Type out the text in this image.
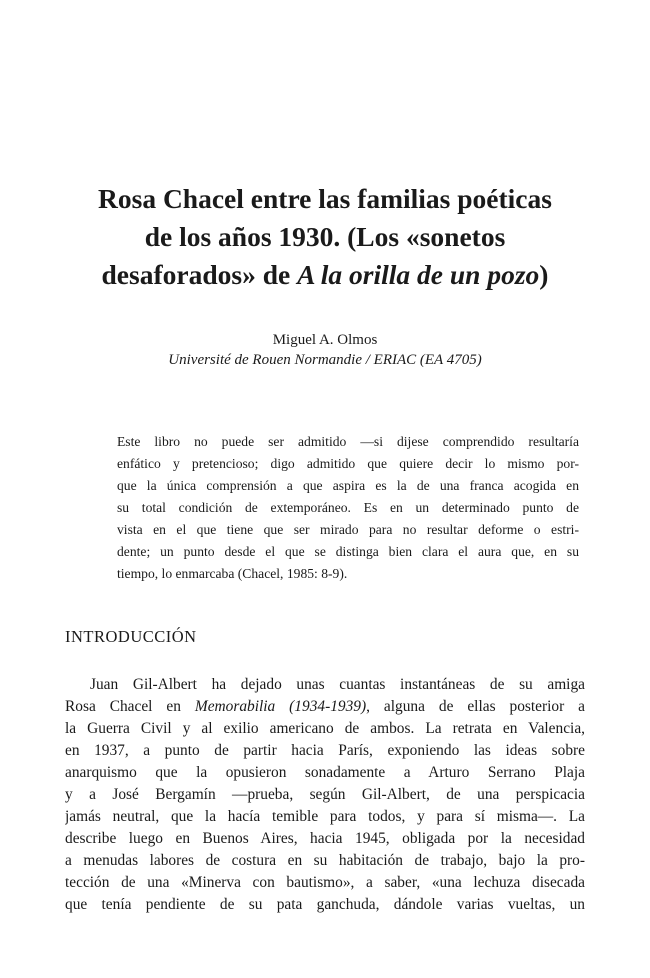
Rosa Chacel entre las familias poéticas
de los años 1930. (Los «sonetos
desaforados» de A la orilla de un pozo)
Miguel A. Olmos
Université de Rouen Normandie / ERIAC (EA 4705)
Este libro no puede ser admitido —si dijese comprendido resultaría
enfático y pretencioso; digo admitido que quiere decir lo mismo por-
que la única comprensión a que aspira es la de una franca acogida en
su total condición de extemporáneo. Es en un determinado punto de
vista en el que tiene que ser mirado para no resultar deforme o estri-
dente; un punto desde el que se distinga bien clara el aura que, en su
tiempo, lo enmarcaba (Chacel, 1985: 8-9).
INTRODUCCIÓN
Juan Gil-Albert ha dejado unas cuantas instantáneas de su amiga
Rosa Chacel en Memorabilia (1934-1939), alguna de ellas posterior a
la Guerra Civil y al exilio americano de ambos. La retrata en Valencia,
en 1937, a punto de partir hacia París, exponiendo las ideas sobre
anarquismo que la opusieron sonadamente a Arturo Serrano Plaja
y a José Bergamín —prueba, según Gil-Albert, de una perspicacia
jamás neutral, que la hacía temible para todos, y para sí misma—. La
describe luego en Buenos Aires, hacia 1945, obligada por la necesidad
a menudas labores de costura en su habitación de trabajo, bajo la pro-
tección de una «Minerva con bautismo», a saber, «una lechuza disecada
que tenía pendiente de su pata ganchuda, dándole varias vueltas, un
